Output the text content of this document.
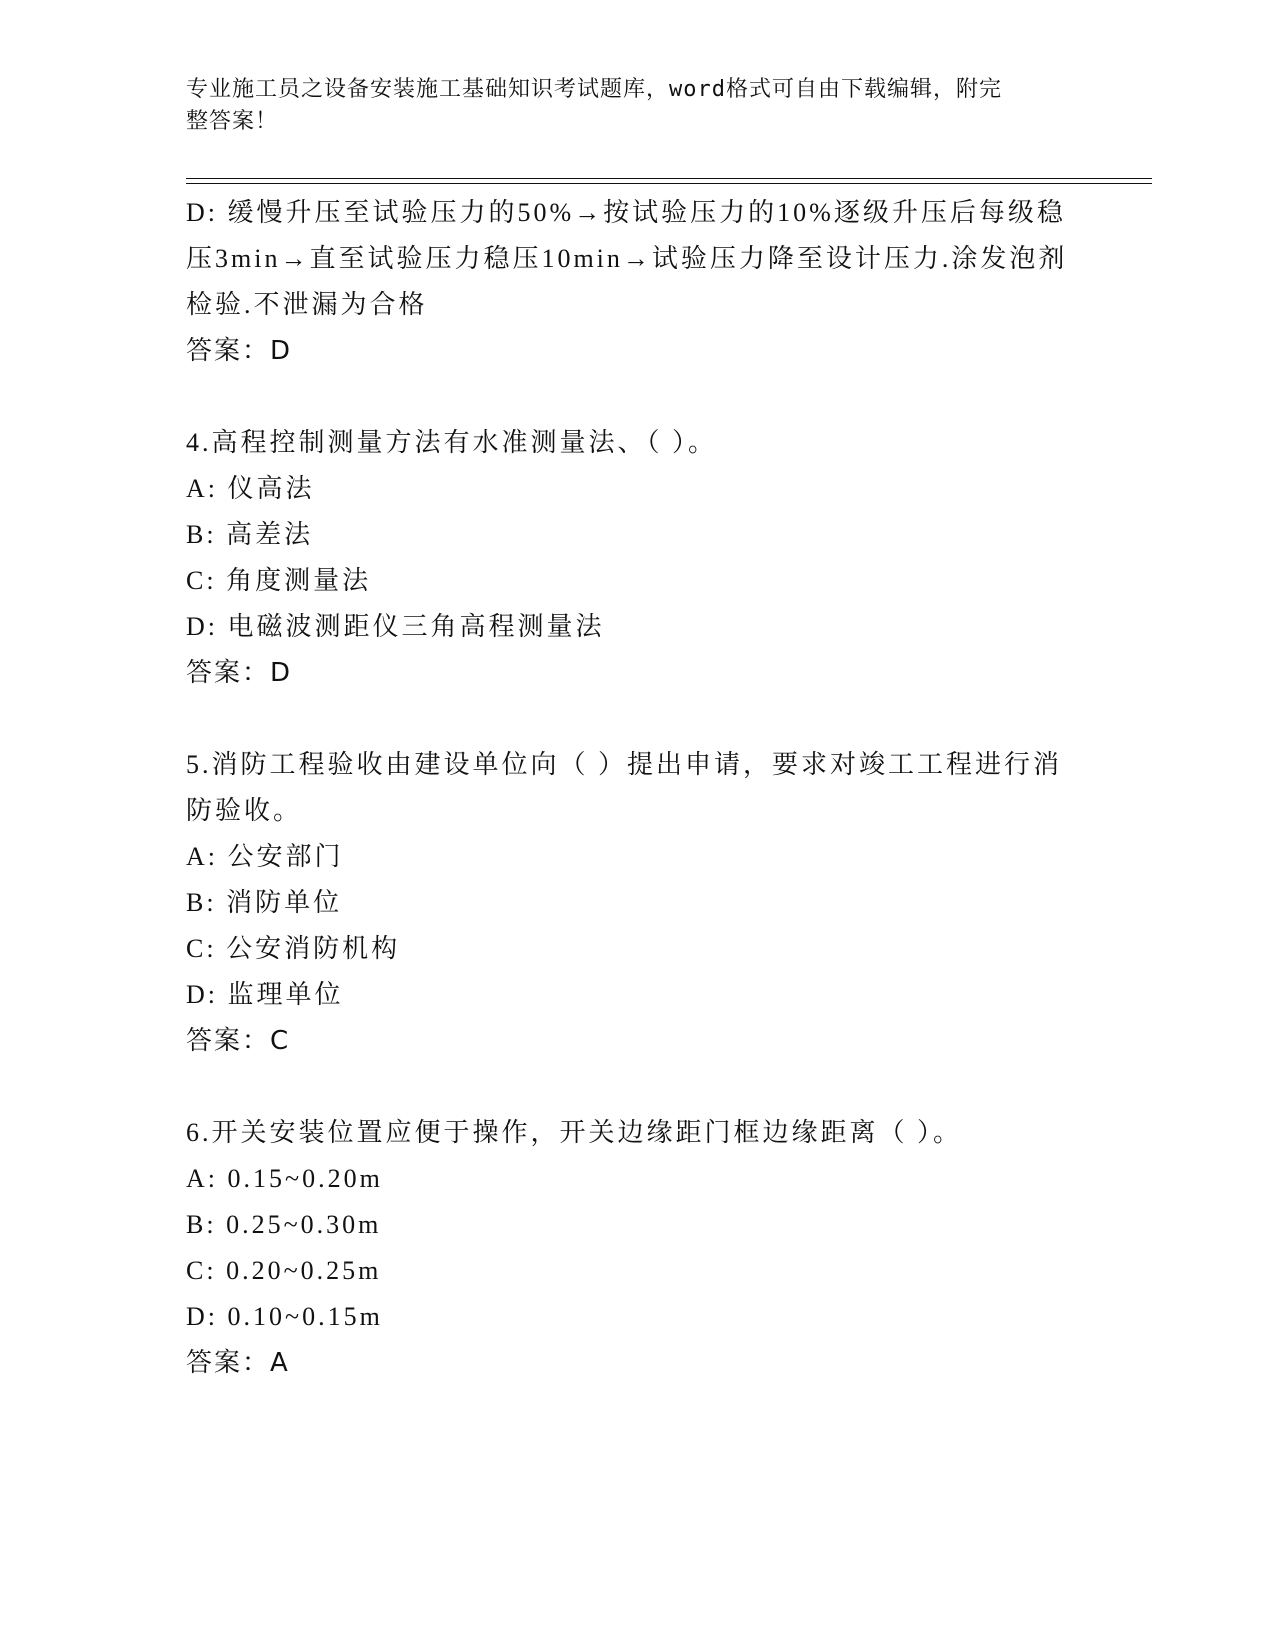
专业施工员之设备安装施工基础知识考试题库，word格式可自由下载编辑，附完
整答案！
D: 缓慢升压至试验压力的50%→按试验压力的10%逐级升压后每级稳
压3min→直至试验压力稳压10min→试验压力降至设计压力.涂发泡剂
检验.不泄漏为合格
答案：D
4.高程控制测量方法有水准测量法、（ ）。
A: 仪高法
B: 高差法
C: 角度测量法
D: 电磁波测距仪三角高程测量法
答案：D
5.消防工程验收由建设单位向（ ）提出申请，要求对竣工工程进行消
防验收。
A: 公安部门
B: 消防单位
C: 公安消防机构
D: 监理单位
答案：C
6.开关安装位置应便于操作，开关边缘距门框边缘距离（ ）。
A: 0.15~0.20m
B: 0.25~0.30m
C: 0.20~0.25m
D: 0.10~0.15m
答案：A
